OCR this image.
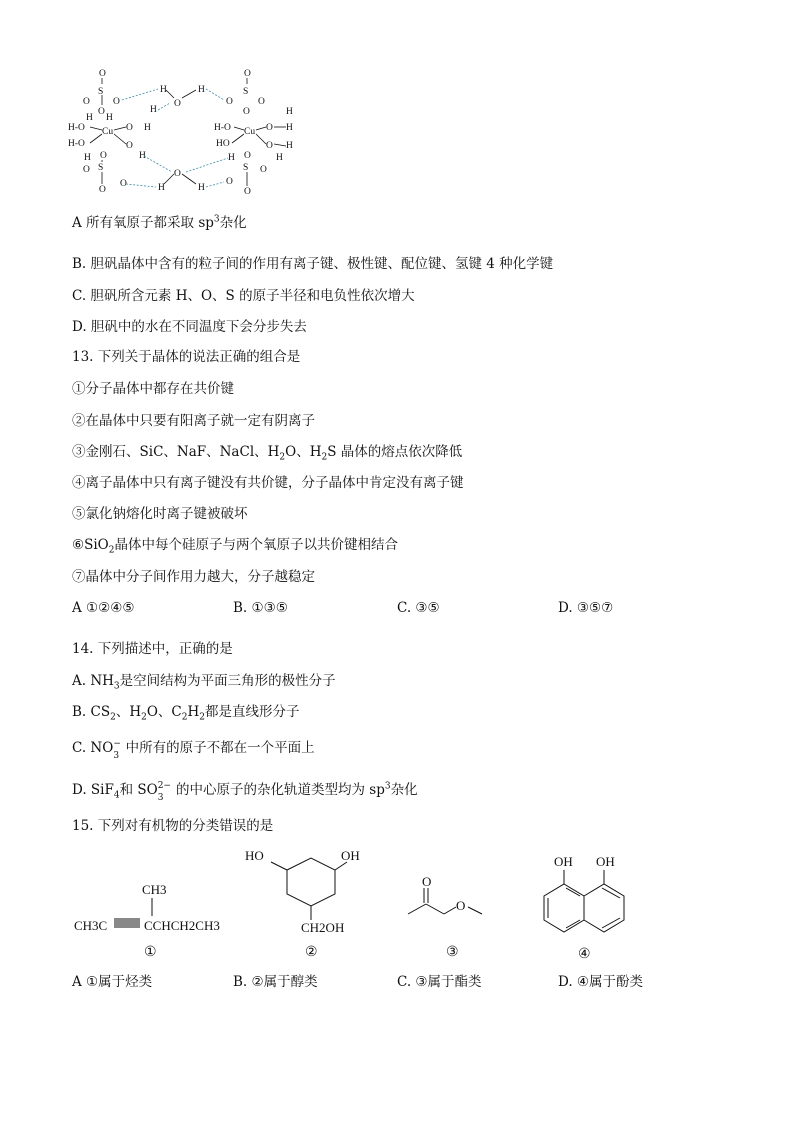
O
S
O O
O
H-O Cu
H-O
O H
O
H
H
H
H O
S
O
O
O
H
O
H
H
O
H	H
O
S
O	O
O
H-O Cu
HO
O H
H
O H
H
H O
S
O
O
O
A 所有氧原子都采取 $sp^3$杂化
B. 胆矾晶体中含有的粒子间的作用有离子键、极性键、配位键、氢键 4 种化学键
C. 胆矾所含元素 H、O、S 的原子半径和电负性依次增大
D. 胆矾中的水在不同温度下会分步失去
13. 下列关于晶体的说法正确的组合是
①分子晶体中都存在共价键
②在晶体中只要有阳离子就一定有阴离子
③金刚石、SiC、NaF、NaCl、$H_2O$、$H_2S$ 晶体的熔点依次降低
④离子晶体中只有离子键没有共价键，分子晶体中肯定没有离子键
⑤氯化钠熔化时离子键被破坏
⑥SiO$_2$晶体中每个硅原子与两个氧原子以共价键相结合
⑦晶体中分子间作用力越大，分子越稳定
A ①②④⑤	B. ①③⑤	C. ③⑤	D. ③⑤⑦
14. 下列描述中，正确的是
A. $NH_3$是空间结构为平面三角形的极性分子
B. $CS_2$、$H_2O$、$C_2H_2$都是直线形分子
C. NO −
3 中所有的原子不都在一个平面上
D. SiF$_4$和 SO 2−
3 的中心原子的杂化轨道类型均为 $sp^3$杂化
15. 下列对有机物的分类错误的是
CH3
CH3C	CCHCH2CH3
①
HO	OH
CH2OH
②
O
O
③
OH OH
④
A ①属于烃类	B. ②属于醇类	C. ③属于酯类	D. ④属于酚类
